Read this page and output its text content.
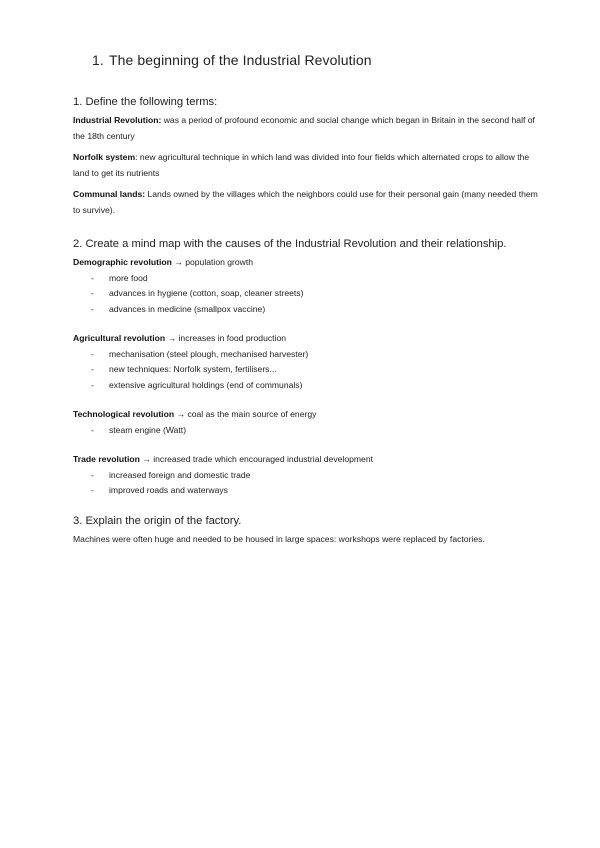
1. The beginning of the Industrial Revolution
1. Define the following terms:

Industrial Revolution: was a period of profound economic and social change which began in Britain in the second half of the 18th century

Norfolk system: new agricultural technique in which land was divided into four fields which alternated crops to allow the land to get its nutrients

Communal lands: Lands owned by the villages which the neighbors could use for their personal gain (many needed them to survive).

2. Create a mind map with the causes of the Industrial Revolution and their relationship.
Demographic revolution → population growth
- more food
- advances in hygiene (cotton, soap, cleaner streets)
- advances in medicine (smallpox vaccine)
Agricultural revolution → increases in food production
- mechanisation (steel plough, mechanised harvester)
- new techniques: Norfolk system, fertilisers...
- extensive agricultural holdings (end of communals)
Technological revolution → coal as the main source of energy
- steam engine (Watt)
Trade revolution → increased trade which encouraged industrial development
- increased foreign and domestic trade
- improved roads and waterways
3. Explain the origin of the factory.

Machines were often huge and needed to be housed in large spaces: workshops were replaced by factories.
